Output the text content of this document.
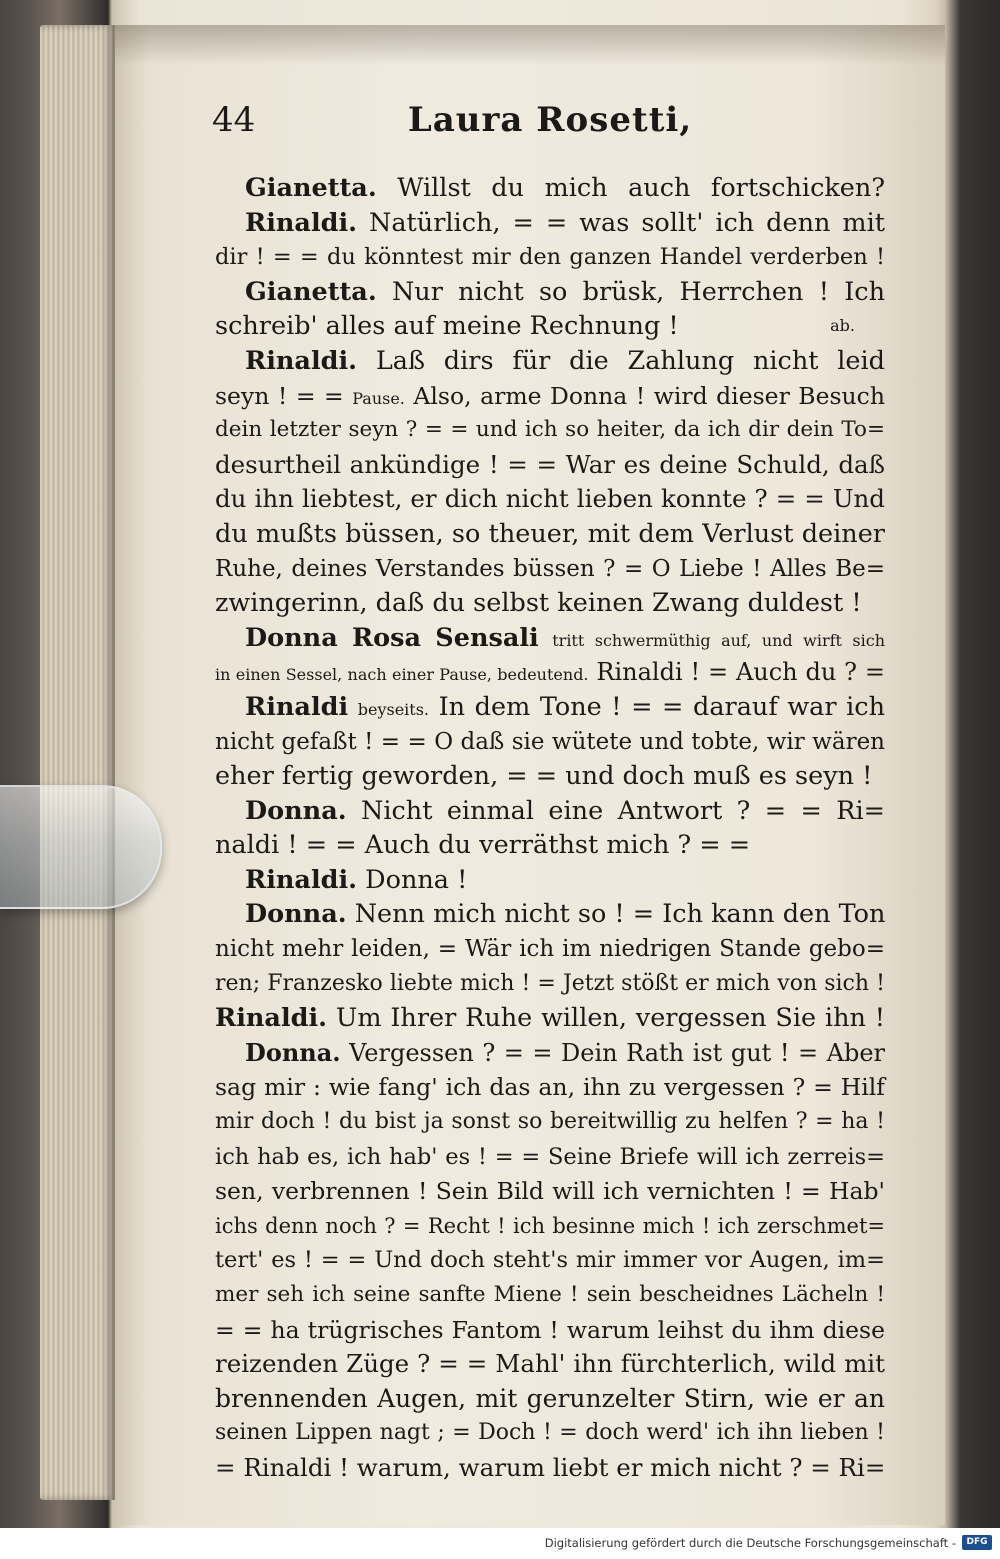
44	Laura Rosetti,
Gianetta. Willst du mich auch fortschicken?
Rinaldi. Natürlich, = = was sollt' ich denn mit
dir ! = = du könntest mir den ganzen Handel verderben !
Gianetta. Nur nicht so brüsk, Herrchen ! Ich
schreib' alles auf meine Rechnung !	ab.
Rinaldi. Laß dirs für die Zahlung nicht leid
seyn ! = = Pause. Also, arme Donna ! wird dieser Besuch
dein letzter seyn ? = = und ich so heiter, da ich dir dein To=
desurtheil ankündige ! = = War es deine Schuld, daß
du ihn liebtest, er dich nicht lieben konnte ? = = Und
du mußts büssen, so theuer, mit dem Verlust deiner
Ruhe, deines Verstandes büssen ? = O Liebe ! Alles Be=
zwingerinn, daß du selbst keinen Zwang duldest !
Donna Rosa Sensali tritt schwermüthig auf, und wirft sich
in einen Sessel, nach einer Pause, bedeutend. Rinaldi ! = Auch du ? =
Rinaldi beyseits. In dem Tone ! = = darauf war ich
nicht gefaßt ! = = O daß sie wütete und tobte, wir wären
eher fertig geworden, = = und doch muß es seyn !
Donna. Nicht einmal eine Antwort ? = = Ri=
naldi ! = = Auch du verräthst mich ? = =
Rinaldi. Donna !
Donna. Nenn mich nicht so ! = Ich kann den Ton
nicht mehr leiden, = Wär ich im niedrigen Stande gebo=
ren; Franzesko liebte mich ! = Jetzt stößt er mich von sich !
Rinaldi. Um Ihrer Ruhe willen, vergessen Sie ihn !
Donna. Vergessen ? = = Dein Rath ist gut ! = Aber
sag mir : wie fang' ich das an, ihn zu vergessen ? = Hilf
mir doch ! du bist ja sonst so bereitwillig zu helfen ? = ha !
ich hab es, ich hab' es ! = = Seine Briefe will ich zerreis=
sen, verbrennen ! Sein Bild will ich vernichten ! = Hab'
ichs denn noch ? = Recht ! ich besinne mich ! ich zerschmet=
tert' es ! = = Und doch steht's mir immer vor Augen, im=
mer seh ich seine sanfte Miene ! sein bescheidnes Lächeln !
= = ha trügrisches Fantom ! warum leihst du ihm diese
reizenden Züge ? = = Mahl' ihn fürchterlich, wild mit
brennenden Augen, mit gerunzelter Stirn, wie er an
seinen Lippen nagt ; = Doch ! = doch werd' ich ihn lieben !
= Rinaldi ! warum, warum liebt er mich nicht ? = Ri=
Digitalisierung gefördert durch die Deutsche Forschungsgemeinschaft -	DFG
